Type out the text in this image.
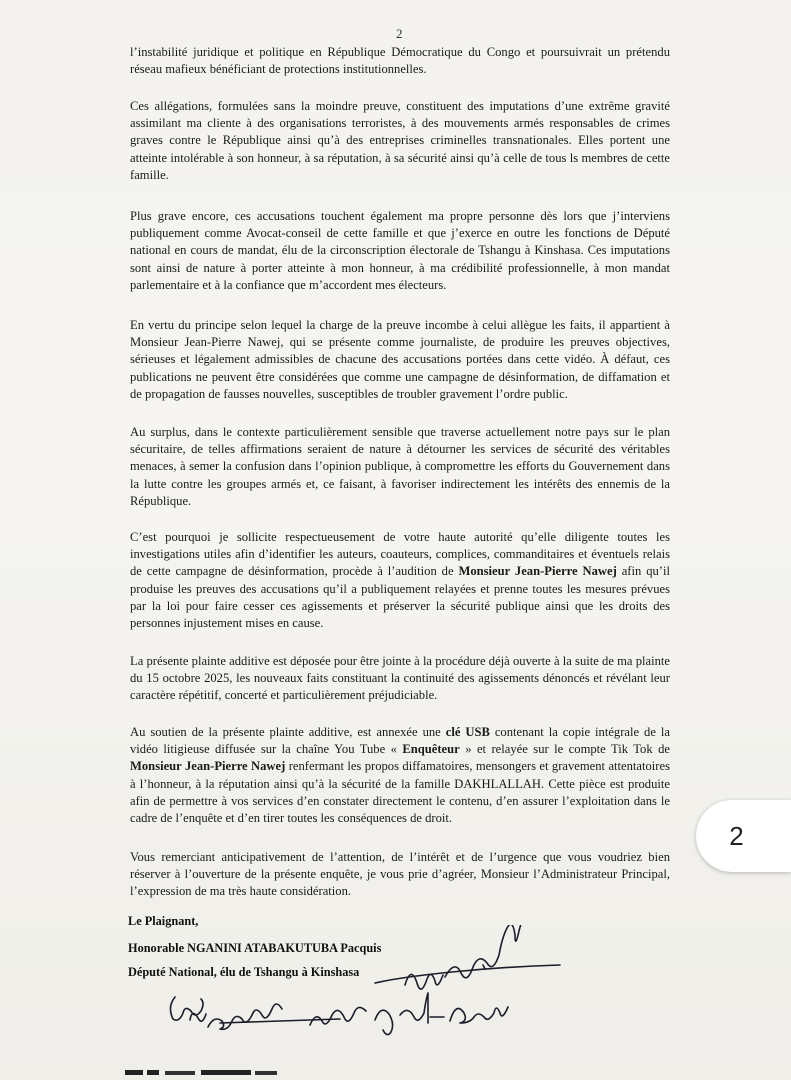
2

l’instabilité juridique et politique en République Démocratique du Congo et poursuivrait un prétendu réseau mafieux bénéficiant de protections institutionnelles.

Ces allégations, formulées sans la moindre preuve, constituent des imputations d’une extrême gravité assimilant ma cliente à des organisations terroristes, à des mouvements armés responsables de crimes graves contre le République ainsi qu’à des entreprises criminelles transnationales. Elles portent une atteinte intolérable à son honneur, à sa réputation, à sa sécurité ainsi qu’à celle de tous ls membres de cette famille.

Plus grave encore, ces accusations touchent également ma propre personne dès lors que j’interviens publiquement comme Avocat-conseil de cette famille et que j’exerce en outre les fonctions de Député national en cours de mandat, élu de la circonscription électorale de Tshangu à Kinshasa. Ces imputations sont ainsi de nature à porter atteinte à mon honneur, à ma crédibilité professionnelle, à mon mandat parlementaire et à la confiance que m’accordent mes électeurs.

En vertu du principe selon lequel la charge de la preuve incombe à celui allègue les faits, il appartient à Monsieur Jean-Pierre Nawej, qui se présente comme journaliste, de produire les preuves objectives, sérieuses et légalement admissibles de chacune des accusations portées dans cette vidéo. À défaut, ces publications ne peuvent être considérées que comme une campagne de désinformation, de diffamation et de propagation de fausses nouvelles, susceptibles de troubler gravement l’ordre public.

Au surplus, dans le contexte particulièrement sensible que traverse actuellement notre pays sur le plan sécuritaire, de telles affirmations seraient de nature à détourner les services de sécurité des véritables menaces, à semer la confusion dans l’opinion publique, à compromettre les efforts du Gouvernement dans la lutte contre les groupes armés et, ce faisant, à favoriser indirectement les intérêts des ennemis de la République.

C’est pourquoi je sollicite respectueusement de votre haute autorité qu’elle diligente toutes les investigations utiles afin d’identifier les auteurs, coauteurs, complices, commanditaires et éventuels relais de cette campagne de désinformation, procède à l’audition de Monsieur Jean-Pierre Nawej afin qu’il produise les preuves des accusations qu’il a publiquement relayées et prenne toutes les mesures prévues par la loi pour faire cesser ces agissements et préserver la sécurité publique ainsi que les droits des personnes injustement mises en cause.

La présente plainte additive est déposée pour être jointe à la procédure déjà ouverte à la suite de ma plainte du 15 octobre 2025, les nouveaux faits constituant la continuité des agissements dénoncés et révélant leur caractère répétitif, concerté et particulièrement préjudiciable.

Au soutien de la présente plainte additive, est annexée une clé USB contenant la copie intégrale de la vidéo litigieuse diffusée sur la chaîne You Tube « Enquêteur » et relayée sur le compte Tik Tok de Monsieur Jean-Pierre Nawej renfermant les propos diffamatoires, mensongers et gravement attentatoires à l’honneur, à la réputation ainsi qu’à la sécurité de la famille DAKHLALLAH. Cette pièce est produite afin de permettre à vos services d’en constater directement le contenu, d’en assurer l’exploitation dans le cadre de l’enquête et d’en tirer toutes les conséquences de droit.

Vous remerciant anticipativement de l’attention, de l’intérêt et de l’urgence que vous voudriez bien réserver à l’ouverture de la présente enquête, je vous prie d’agréer, Monsieur l’Administrateur Principal, l’expression de ma très haute considération.

Le Plaignant,
Honorable NGANINI ATABAKUTUBA Pacquis
Député National, élu de Tshangu à Kinshasa
2
